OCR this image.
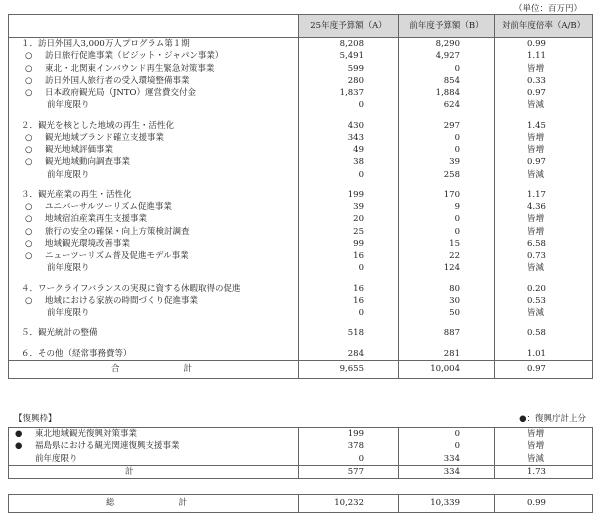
（単位：百万円）
	25年度予算額（A）	前年度予算額（B）	対前年度倍率（A/B）
１．訪日外国人3,000万人プログラム第１期	8,208	8,290	0.99
○ 訪日旅行促進事業（ビジット・ジャパン事業）	5,491	4,927	1.11
○ 東北・北関東インバウンド再生緊急対策事業	599	0	皆増
○ 訪日外国人旅行者の受入環境整備事業	280	854	0.33
○ 日本政府観光局（JNTO）運営費交付金	1,837	1,884	0.97
前年度限り	0	624	皆減

２．観光を核とした地域の再生・活性化	430	297	1.45
○ 観光地域ブランド確立支援事業	343	0	皆増
○ 観光地域評価事業	49	0	皆増
○ 観光地域動向調査事業	38	39	0.97
前年度限り	0	258	皆減

３．観光産業の再生・活性化	199	170	1.17
○ ユニバーサルツーリズム促進事業	39	9	4.36
○ 地域宿泊産業再生支援事業	20	0	皆増
○ 旅行の安全の確保・向上方策検討調査	25	0	皆増
○ 地域観光環境改善事業	99	15	6.58
○ ニューツーリズム普及促進モデル事業	16	22	0.73
前年度限り	0	124	皆減

４．ワークライフバランスの実現に資する休暇取得の促進	16	80	0.20
○ 地域における家族の時間づくり促進事業	16	30	0.53
前年度限り	0	50	皆減

５．観光統計の整備	518	887	0.58

６．その他（経常事務費等）	284	281	1.01
合計	9,655	10,004	0.97
【復興枠】	●：復興庁計上分
● 東北地域観光復興対策事業	199	0	皆増
● 福島県における観光関連復興支援事業	378	0	皆増
前年度限り	0	334	皆減
計	577	334	1.73
総計	10,232	10,339	0.99
